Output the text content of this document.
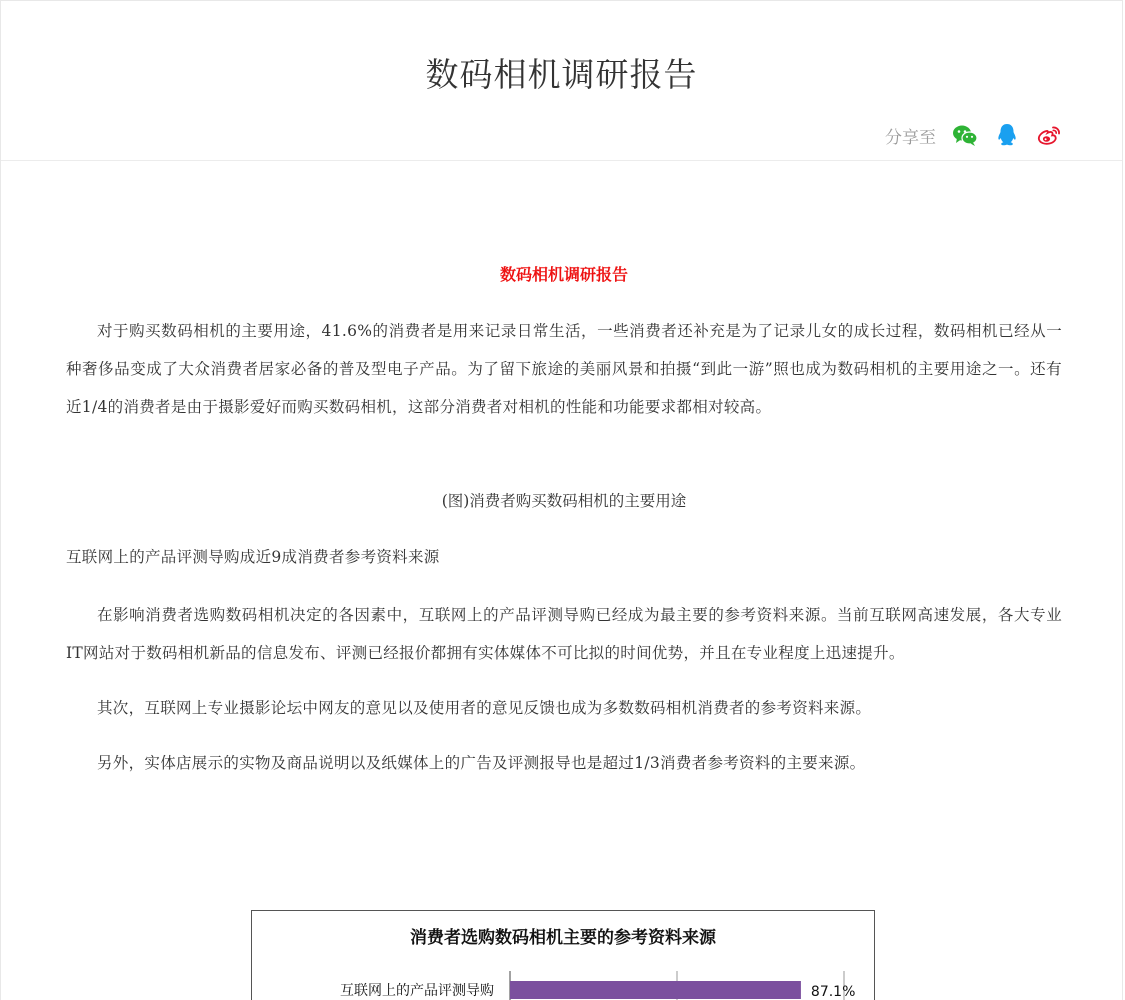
数码相机调研报告
分享至

数码相机调研报告

对于购买数码相机的主要用途，41.6%的消费者是用来记录日常生活，一些消费者还补充是为了记录儿女的成长过程，数码相机已经从一种奢侈品变成了大众消费者居家必备的普及型电子产品。为了留下旅途的美丽风景和拍摄“到此一游”照也成为数码相机的主要用途之一。还有近1/4的消费者是由于摄影爱好而购买数码相机，这部分消费者对相机的性能和功能要求都相对较高。

(图)消费者购买数码相机的主要用途

互联网上的产品评测导购成近9成消费者参考资料来源

在影响消费者选购数码相机决定的各因素中，互联网上的产品评测导购已经成为最主要的参考资料来源。当前互联网高速发展，各大专业IT网站对于数码相机新品的信息发布、评测已经报价都拥有实体媒体不可比拟的时间优势，并且在专业程度上迅速提升。

其次，互联网上专业摄影论坛中网友的意见以及使用者的意见反馈也成为多数数码相机消费者的参考资料来源。

另外，实体店展示的实物及商品说明以及纸媒体上的广告及评测报导也是超过1/3消费者参考资料的主要来源。

消费者选购数码相机主要的参考资料来源

互联网上的产品评测导购	87.1%
